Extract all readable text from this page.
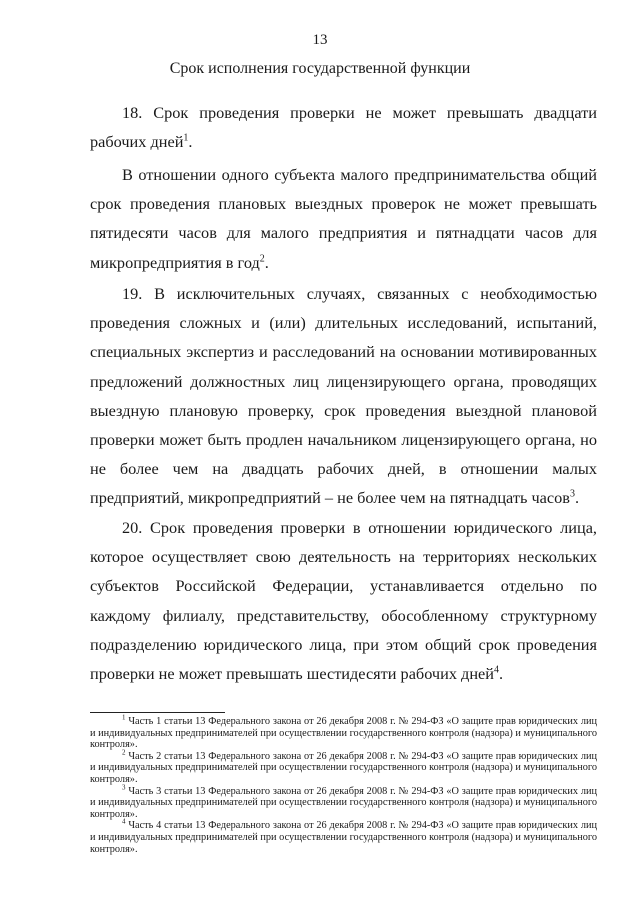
13
Срок исполнения государственной функции

18. Срок проведения проверки не может превышать двадцати рабочих дней$^1$.

В отношении одного субъекта малого предпринимательства общий срок проведения плановых выездных проверок не может превышать пятидесяти часов для малого предприятия и пятнадцати часов для микропредприятия в год$^2$.

19. В исключительных случаях, связанных с необходимостью проведения сложных и (или) длительных исследований, испытаний, специальных экспертиз и расследований на основании мотивированных предложений должностных лиц лицензирующего органа, проводящих выездную плановую проверку, срок проведения выездной плановой проверки может быть продлен начальником лицензирующего органа, но не более чем на двадцать рабочих дней, в отношении малых предприятий, микропредприятий – не более чем на пятнадцать часов$^3$.

20. Срок проведения проверки в отношении юридического лица, которое осуществляет свою деятельность на территориях нескольких субъектов Российской Федерации, устанавливается отдельно по каждому филиалу, представительству, обособленному структурному подразделению юридического лица, при этом общий срок проведения проверки не может превышать шестидесяти рабочих дней$^4$.

$^1$ Часть 1 статьи 13 Федерального закона от 26 декабря 2008 г. № 294-ФЗ «О защите прав юридических лиц и индивидуальных предпринимателей при осуществлении государственного контроля (надзора) и муниципального контроля».

$^2$ Часть 2 статьи 13 Федерального закона от 26 декабря 2008 г. № 294-ФЗ «О защите прав юридических лиц и индивидуальных предпринимателей при осуществлении государственного контроля (надзора) и муниципального контроля».

$^3$ Часть 3 статьи 13 Федерального закона от 26 декабря 2008 г. № 294-ФЗ «О защите прав юридических лиц и индивидуальных предпринимателей при осуществлении государственного контроля (надзора) и муниципального контроля».

$^4$ Часть 4 статьи 13 Федерального закона от 26 декабря 2008 г. № 294-ФЗ «О защите прав юридических лиц и индивидуальных предпринимателей при осуществлении государственного контроля (надзора) и муниципального контроля».
